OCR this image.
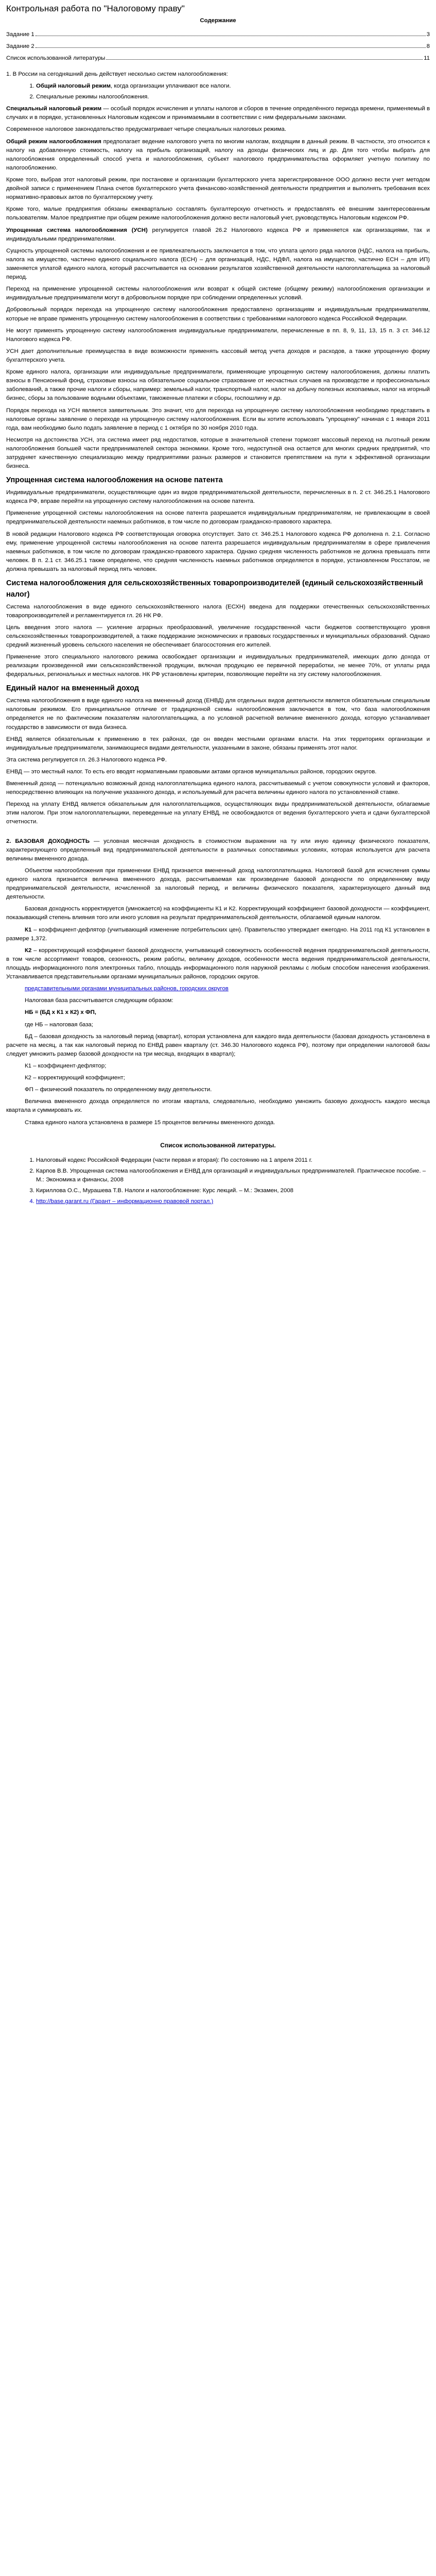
Контрольная работа по "Налоговому праву"
Содержание
Задание 1	3
Задание 2	8
Список использованной литературы	11

1. В России на сегодняшний день действует несколько систем налогообложения:

1. Общий налоговый режим, когда организации уплачивают все налоги.
2. Специальные режимы налогообложения.

Специальный налоговый режим — особый порядок исчисления и уплаты налогов и сборов в течение определённого периода времени, применяемый в случаях и в порядке, установленных Налоговым кодексом и принимаемыми в соответствии с ним федеральными законами.

Современное налоговое законодательство предусматривает четыре специальных налоговых режима.

Общий режим налогообложения предполагает ведение налогового учета по многим налогам, входящим в данный режим. В частности, это относится к налогу на добавленную стоимость, налогу на прибыль организаций, налогу на доходы физических лиц и др. Для того чтобы выбрать для налогообложения определенный способ учета и налогообложения, субъект налогового предпринимательства оформляет учетную политику по налогообложению.

Кроме того, выбрав этот налоговый режим, при постановке и организации бухгалтерского учета зарегистрированное ООО должно вести учет методом двойной записи с применением Плана счетов бухгалтерского учета финансово-хозяйственной деятельности предприятия и выполнять требования всех нормативно-правовых актов по бухгалтерскому учету.

Кроме того, малые предприятия обязаны ежеквартально составлять бухгалтерскую отчетность и предоставлять её внешним заинтересованным пользователям. Малое предприятие при общем режиме налогообложения должно вести налоговый учет, руководствуясь Налоговым кодексом РФ.

Упрощенная система налогообложения (УСН) регулируется главой 26.2 Налогового кодекса РФ и применяется как организациями, так и индивидуальными предпринимателями.

Сущность упрощенной системы налогообложения и ее привлекательность заключается в том, что уплата целого ряда налогов (НДС, налога на прибыль, налога на имущество, частично единого социального налога (ЕСН) – для организаций, НДС, НДФЛ, налога на имущество, частично ЕСН – для ИП) заменяется уплатой единого налога, который рассчитывается на основании результатов хозяйственной деятельности налогоплательщика за налоговый период.

Переход на применение упрощенной системы налогообложения или возврат к общей системе (общему режиму) налогообложения организации и индивидуальные предприниматели могут в добровольном порядке при соблюдении определенных условий.

Добровольный порядок перехода на упрощенную систему налогообложения предоставлено организациям и индивидуальным предпринимателям, которые не вправе применять упрощенную систему налогообложения в соответствии с требованиями налогового кодекса Российской Федерации.

Не могут применять упрощенную систему налогообложения индивидуальные предприниматели, перечисленные в пп. 8, 9, 11, 13, 15 п. 3 ст. 346.12 Налогового кодекса РФ.

УСН дает дополнительные преимущества в виде возможности применять кассовый метод учета доходов и расходов, а также упрощенную форму бухгалтерского учета.

Кроме единого налога, организации или индивидуальные предприниматели, применяющие упрощенную систему налогообложения, должны платить взносы в Пенсионный фонд, страховые взносы на обязательное социальное страхование от несчастных случаев на производстве и профессиональных заболеваний, а также прочие налоги и сборы, например: земельный налог, транспортный налог, налог на добычу полезных ископаемых, налог на игорный бизнес, сборы за пользование водными объектами, таможенные платежи и сборы, госпошлину и др.

Порядок перехода на УСН является заявительным. Это значит, что для перехода на упрощенную систему налогообложения необходимо представить в налоговые органы заявление о переходе на упрощенную систему налогообложения. Если вы хотите использовать "упрощенку" начиная с 1 января 2011 года, вам необходимо было подать заявление в период с 1 октября по 30 ноября 2010 года.

Несмотря на достоинства УСН, эта система имеет ряд недостатков, которые в значительной степени тормозят массовый переход на льготный режим налогообложения большей части предпринимателей сектора экономики. Кроме того, недоступной она остается для многих средних предприятий, что затрудняет качественную специализацию между предприятиями разных размеров и становится препятствием на пути к эффективной организации бизнеса.

Упрощенная система налогообложения на основе патента

Индивидуальные предприниматели, осуществляющие один из видов предпринимательской деятельности, перечисленных в п. 2 ст. 346.25.1 Налогового кодекса РФ, вправе перейти на упрощенную систему налогообложения на основе патента.

Применение упрощенной системы налогообложения на основе патента разрешается индивидуальным предпринимателям, не привлекающим в своей предпринимательской деятельности наемных работников, в том числе по договорам гражданско-правового характера.

В новой редакции Налогового кодекса РФ соответствующая оговорка отсутствует. Зато ст. 346.25.1 Налогового кодекса РФ дополнена п. 2.1. Согласно ему, применение упрощенной системы налогообложения на основе патента разрешается индивидуальным предпринимателям в сфере привлечения наемных работников, в том числе по договорам гражданско-правового характера. Однако средняя численность работников не должна превышать пяти человек. В п. 2.1 ст. 346.25.1 также определено, что средняя численность наемных работников определяется в порядке, установленном Росстатом, не должна превышать за налоговый период пять человек.

Система налогообложения для сельскохозяйственных товаропроизводителей (единый сельскохозяйственный налог)

Система налогообложения в виде единого сельскохозяйственного налога (ЕСХН) введена для поддержки отечественных сельскохозяйственных товаропроизводителей и регламентируется гл. 26 НК РФ.

Цель введения этого налога — усиление аграрных преобразований, увеличение государственной части бюджетов соответствующего уровня сельскохозяйственных товаропроизводителей, а также поддержание экономических и правовых государственных и муниципальных образований. Однако средний жизненный уровень сельского населения не обеспечивает благосостояния его жителей.

Применение этого специального налогового режима освобождает организации и индивидуальных предпринимателей, имеющих долю дохода от реализации произведенной ими сельскохозяйственной продукции, включая продукцию ее первичной переработки, не менее 70%, от уплаты ряда федеральных, региональных и местных налогов. НК РФ установлены критерии, позволяющие перейти на эту систему налогообложения.

Единый налог на вмененный доход

Система налогообложения в виде единого налога на вмененный доход (ЕНВД) для отдельных видов деятельности является обязательным специальным налоговым режимом. Его принципиальное отличие от традиционной схемы налогообложения заключается в том, что база налогообложения определяется не по фактическим показателям налогоплательщика, а по условной расчетной величине вмененного дохода, которую устанавливает государство в зависимости от вида бизнеса.

ЕНВД является обязательным к применению в тех районах, где он введен местными органами власти. На этих территориях организации и индивидуальные предприниматели, занимающиеся видами деятельности, указанными в законе, обязаны применять этот налог.

Эта система регулируется гл. 26.3 Налогового кодекса РФ.

ЕНВД — это местный налог. То есть его вводят нормативными правовыми актами органов муниципальных районов, городских округов.

Вмененный доход — потенциально возможный доход налогоплательщика единого налога, рассчитываемый с учетом совокупности условий и факторов, непосредственно влияющих на получение указанного дохода, и используемый для расчета величины единого налога по установленной ставке.

Переход на уплату ЕНВД является обязательным для налогоплательщиков, осуществляющих виды предпринимательской деятельности, облагаемые этим налогом. При этом налогоплательщики, переведенные на уплату ЕНВД, не освобождаются от ведения бухгалтерского учета и сдачи бухгалтерской отчетности.

2. БАЗОВАЯ ДОХОДНОСТЬ — условная месячная доходность в стоимостном выражении на ту или иную единицу физического показателя, характеризующего определенный вид предпринимательской деятельности в различных сопоставимых условиях, которая используется для расчета величины вмененного дохода.

Объектом налогообложения при применении ЕНВД признается вмененный доход налогоплательщика. Налоговой базой для исчисления суммы единого налога признается величина вмененного дохода, рассчитываемая как произведение базовой доходности по определенному виду предпринимательской деятельности, исчисленной за налоговый период, и величины физического показателя, характеризующего данный вид деятельности.

Базовая доходность корректируется (умножается) на коэффициенты К1 и К2. Корректирующий коэффициент базовой доходности — коэффициент, показывающий степень влияния того или иного условия на результат предпринимательской деятельности, облагаемой единым налогом.

К1 – коэффициент-дефлятор (учитывающий изменение потребительских цен). Правительство утверждает ежегодно. На 2011 год К1 установлен в размере 1,372.

К2 – корректирующий коэффициент базовой доходности, учитывающий совокупность особенностей ведения предпринимательской деятельности, в том числе ассортимент товаров, сезонность, режим работы, величину доходов, особенности места ведения предпринимательской деятельности, площадь информационного поля электронных табло, площадь информационного поля наружной рекламы с любым способом нанесения изображения. Устанавливается представительными органами муниципальных районов, городских округов.

представительными органами муниципальных районов, городских округов

Налоговая база рассчитывается следующим образом:

НБ = (БД х К1 х К2) х ФП,

где НБ – налоговая база;

БД – базовая доходность за налоговый период (квартал), которая установлена для каждого вида деятельности (базовая доходность установлена в расчете на месяц, а так как налоговый период по ЕНВД равен кварталу (ст. 346.30 Налогового кодекса РФ), поэтому при определении налоговой базы следует умножить размер базовой доходности на три месяца, входящих в квартал);

К1 – коэффициент-дефлятор;

К2 – корректирующий коэффициент;

ФП – физический показатель по определенному виду деятельности.

Величина вмененного дохода определяется по итогам квартала, следовательно, необходимо умножить базовую доходность каждого месяца квартала и суммировать их.

Ставка единого налога установлена в размере 15 процентов величины вмененного дохода.

Список использованной литературы.
1. Налоговый кодекс Российской Федерации (части первая и вторая): По состоянию на 1 апреля 2011 г.
2. Карпов В.В. Упрощенная система налогообложения и ЕНВД для организаций и индивидуальных предпринимателей. Практическое пособие. – М.: Экономика и финансы, 2008
3. Кириллова О.С., Мурашева Т.В. Налоги и налогообложение: Курс лекций. – М.: Экзамен, 2008
4. http://base.garant.ru (Гарант – информационно правовой портал.)
